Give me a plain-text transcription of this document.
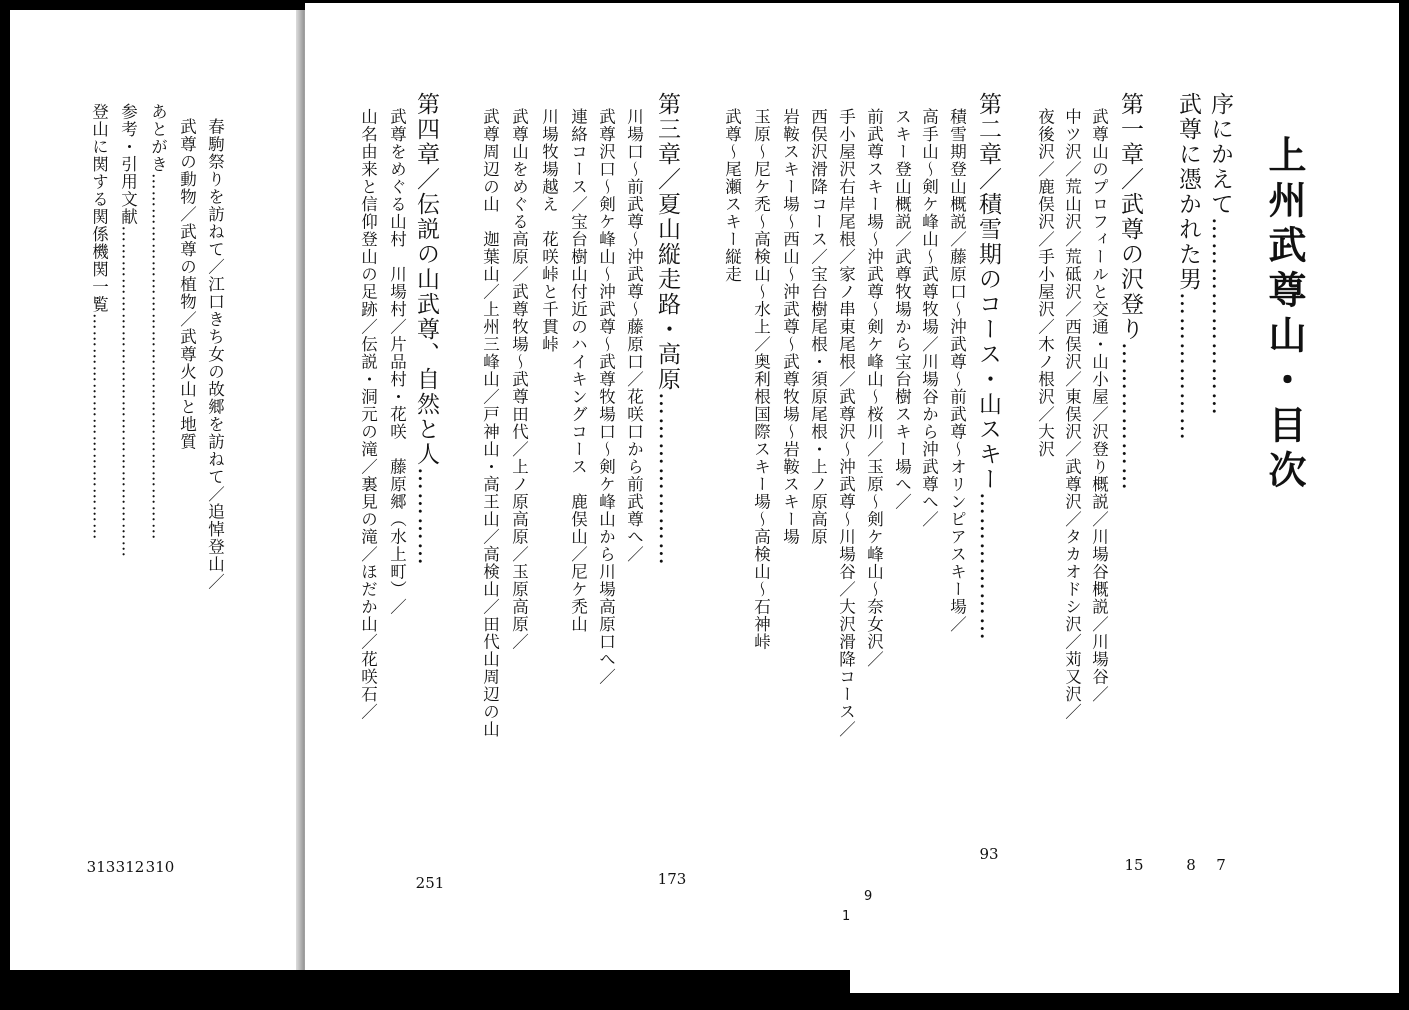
上州武尊山・目次
序にかえて……………………
7
武尊に憑かれた男………………
8
第一章／武尊の沢登り………………
15
武尊山のプロフィールと交通・山小屋／沢登り概説／川場谷概説／川場谷／
中ツ沢／荒山沢／荒砥沢／西俣沢／東俣沢／武尊沢／タカオドシ沢／苅又沢／
夜後沢／鹿俣沢／手小屋沢／木ノ根沢／大沢
第二章／積雪期のコース・山スキー………………
93
積雪期登山概説／藤原口～沖武尊～前武尊～オリンピアスキー場／
高手山～剣ケ峰山～武尊牧場／川場谷から沖武尊へ／
スキー登山概説／武尊牧場から宝台樹スキー場へ／
前武尊スキー場～沖武尊～剣ケ峰山～桜川／玉原～剣ケ峰山～奈女沢／
手小屋沢右岸尾根／家ノ串東尾根／武尊沢～沖武尊～川場谷／大沢滑降コース／
西俣沢滑降コース／宝台樹尾根・須原尾根・上ノ原高原
岩鞍スキー場～西山～沖武尊～武尊牧場～岩鞍スキー場
玉原～尼ケ禿～高検山～水上／奥利根国際スキー場～高検山～石神峠
武尊～尾瀬スキー縦走
第三章／夏山縦走路・高原…………………
173
川場口～前武尊～沖武尊～藤原口／花咲口から前武尊へ／
武尊沢口～剣ケ峰山～沖武尊～武尊牧場口～剣ケ峰山から川場高原口へ／
連絡コース／宝台樹山付近のハイキングコース　鹿俣山／尼ケ禿山
川場牧場越え　花咲峠と千貫峠
武尊山をめぐる高原／武尊牧場～武尊田代／上ノ原高原／玉原高原／
武尊周辺の山　迦葉山／上州三峰山／戸神山・高王山／高検山／田代山周辺の山
第四章／伝説の山武尊、自然と人…………
251
武尊をめぐる山村　川場村／片品村・花咲　藤原郷（水上町）／
山名由来と信仰登山の足跡／伝説・洞元の滝／裏見の滝／ほだか山／花咲石／
春駒祭りを訪ねて／江口きち女の故郷を訪ねて／追悼登山／
武尊の動物／武尊の植物／武尊火山と地質
あとがき………………………………………………………
310
参考・引用文献…………………………………………………
312
登山に関する関係機関一覧…………………………………
313
9
1
